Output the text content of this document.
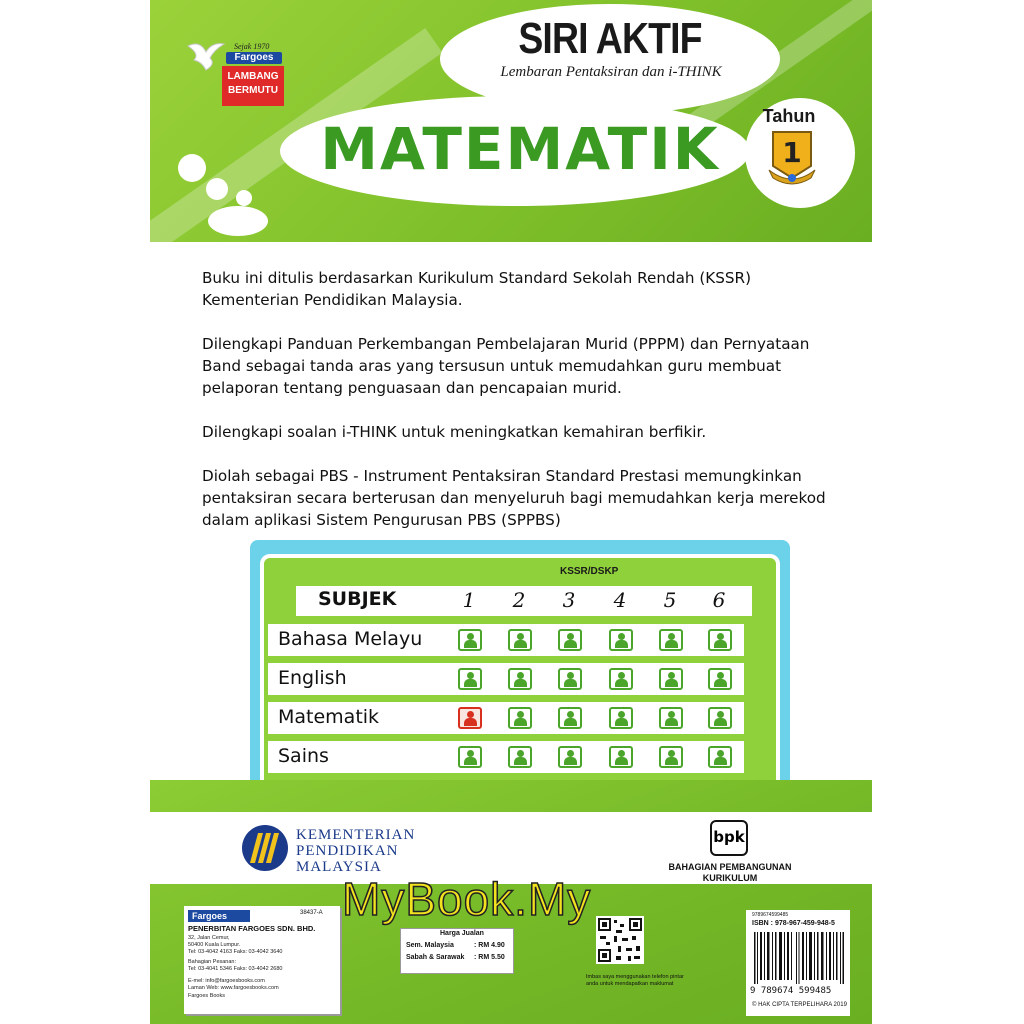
Sejak 1970
Fargoes
LAMBANG
BERMUTU
SIRI AKTIF
Lembaran Pentaksiran dan i-THINK
MATEMATIK	Tahun
1

Buku ini ditulis berdasarkan Kurikulum Standard Sekolah Rendah (KSSR) Kementerian Pendidikan Malaysia.

Dilengkapi Panduan Perkembangan Pembelajaran Murid (PPPM) dan Pernyataan Band sebagai tanda aras yang tersusun untuk memudahkan guru membuat pelaporan tentang penguasaan dan pencapaian murid.

Dilengkapi soalan i-THINK untuk meningkatkan kemahiran berfikir.

Diolah sebagai PBS - Instrument Pentaksiran Standard Prestasi memungkinkan pentaksiran secara berterusan dan menyeluruh bagi memudahkan kerja merekod dalam aplikasi Sistem Pengurusan PBS (SPPBS)

KSSR/DSKP
SUBJEK	1	2	3	4	5	6
Bahasa Melayu
English
Matematik
Sains
KEMENTERIAN
PENDIDIKAN
MALAYSIA
bpk
BAHAGIAN PEMBANGUNAN
KURIKULUM
MyBook.My
Fargoes	38437-A
PENERBITAN FARGOES SDN. BHD.
32, Jalan Cemur,
50400 Kuala Lumpur.
Tel: 03-4042 4163 Faks: 03-4042 3640
Bahagian Pesanan:
Tel: 03-4041 5346 Faks: 03-4042 2680
E-mel: info@fargoesbooks.com
Laman Web: www.fargoesbooks.com
Fargoes Books
Harga Jualan
Sem. Malaysia	: RM 4.90
Sabah & Sarawak : RM 5.50
Imbas saya menggunakan telefon pintar anda untuk mendapatkan maklumat
9789674599485
ISBN : 978-967-459-948-5
9 789674 599485
© HAK CIPTA TERPELIHARA 2019
